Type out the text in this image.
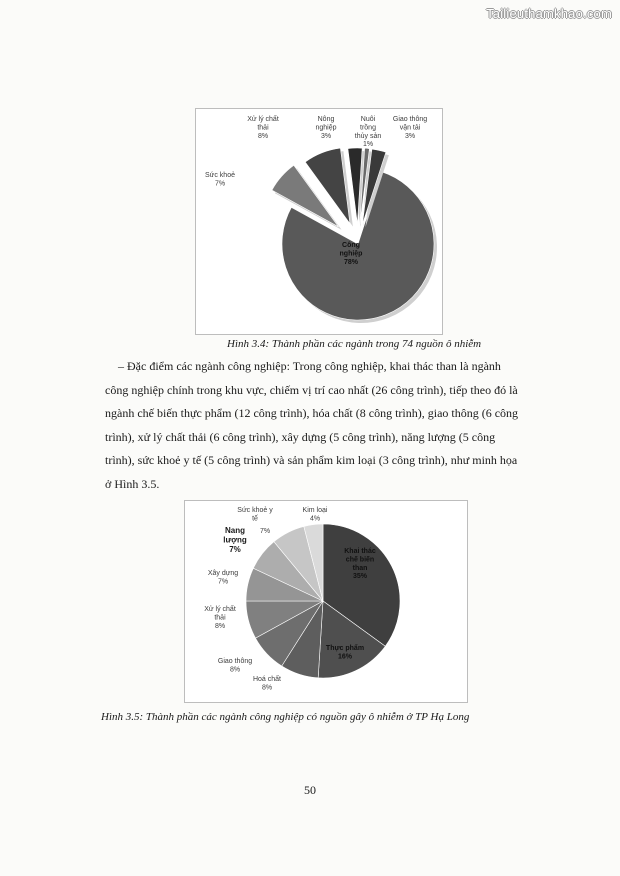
Tailieuthamkhao.com
Công nghiệp 78%
Sức khoẻ 7%
Xử lý chất thải 8%
Nông nghiệp 3%
Nuôi trồng thủy sản 1%
Giao thông vận tải 3%
Hình 3.4: Thành phần các ngành trong 74 nguồn ô nhiễm

– Đặc điểm các ngành công nghiệp: Trong công nghiệp, khai thác than là ngành

công nghiệp chính trong khu vực, chiếm vị trí cao nhất (26 công trình), tiếp theo đó là
ngành chế biến thực phẩm (12 công trình), hóa chất (8 công trình), giao thông (6 công
trình), xử lý chất thải (6 công trình), xây dựng (5 công trình), năng lượng (5 công
trình), sức khoẻ y tế (5 công trình) và sản phẩm kim loại (3 công trình), như minh họa
ở Hình 3.5.
Khai thác chế biến than 35%
Thực phẩm 16%
Hoá chất 8%
Giao thông 8%
Xử lý chất thải 8%
Xây dựng 7%
Nang lượng 7%
Sức khoẻ y tế
7%
Kim loại 4%
Hình 3.5: Thành phần các ngành công nghiệp có nguồn gây ô nhiễm ở TP Hạ Long
50
